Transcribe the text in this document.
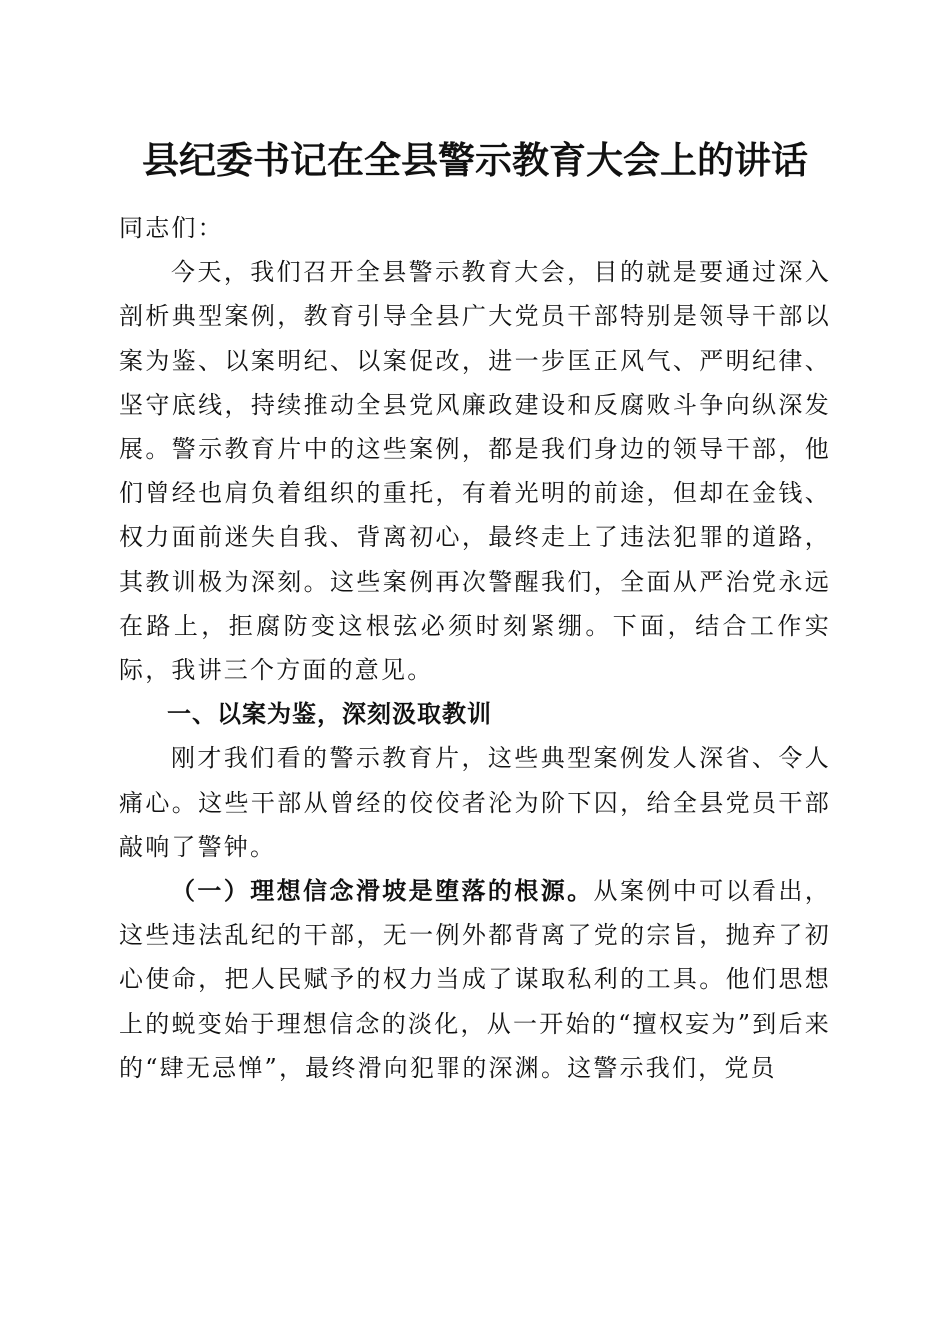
县纪委书记在全县警示教育大会上的讲话

同志们：

今天，我们召开全县警示教育大会，目的就是要通过深入剖析典型案例，教育引导全县广大党员干部特别是领导干部以案为鉴、以案明纪、以案促改，进一步匡正风气、严明纪律、坚守底线，持续推动全县党风廉政建设和反腐败斗争向纵深发展。警示教育片中的这些案例，都是我们身边的领导干部，他们曾经也肩负着组织的重托，有着光明的前途，但却在金钱、权力面前迷失自我、背离初心，最终走上了违法犯罪的道路，其教训极为深刻。这些案例再次警醒我们，全面从严治党永远在路上，拒腐防变这根弦必须时刻紧绷。下面，结合工作实际，我讲三个方面的意见。

一、以案为鉴，深刻汲取教训

刚才我们看的警示教育片，这些典型案例发人深省、令人痛心。这些干部从曾经的佼佼者沦为阶下囚，给全县党员干部敲响了警钟。

（一）理想信念滑坡是堕落的根源。从案例中可以看出，这些违法乱纪的干部，无一例外都背离了党的宗旨，抛弃了初心使命，把人民赋予的权力当成了谋取私利的工具。他们思想上的蜕变始于理想信念的淡化，从一开始的“擅权妄为”到后来的“肆无忌惮”，最终滑向犯罪的深渊。这警示我们，党员
